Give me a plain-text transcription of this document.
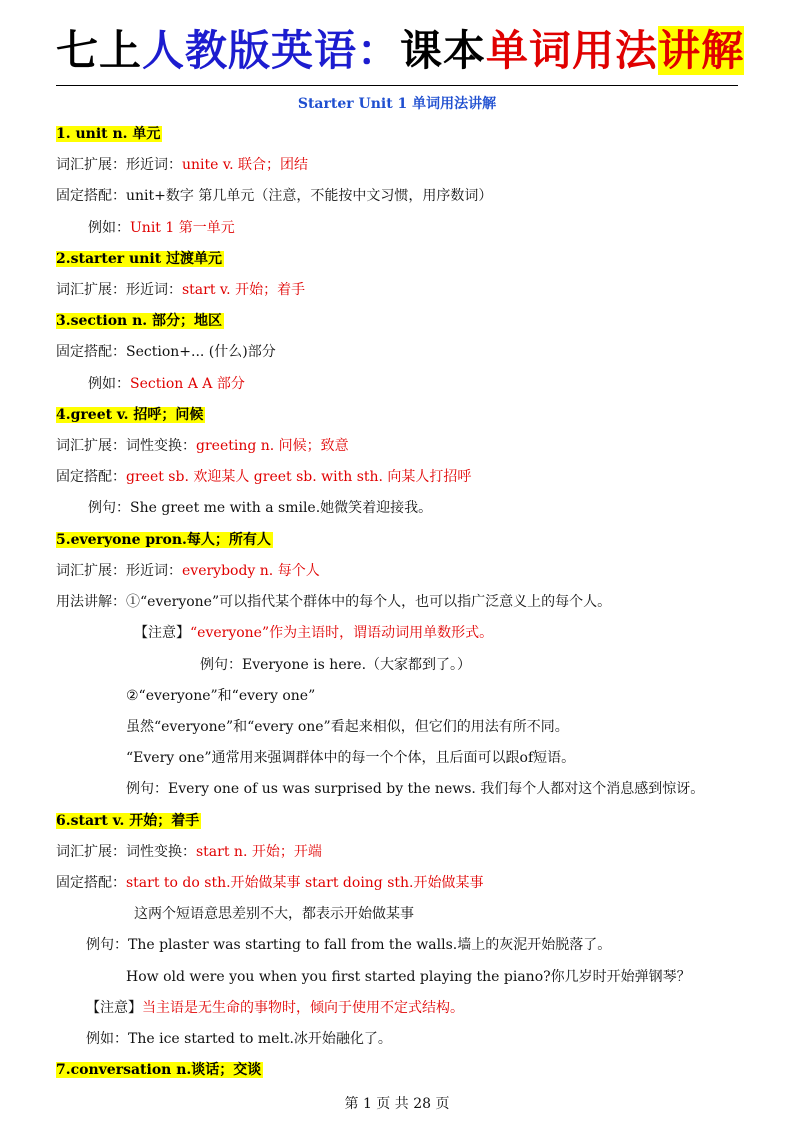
七上人教版英语：课本单词用法讲解
Starter Unit 1 单词用法讲解
1. unit n. 单元
词汇扩展：形近词：unite v. 联合；团结
固定搭配：unit+数字 第几单元（注意，不能按中文习惯，用序数词）
例如：Unit 1 第一单元
2.starter unit 过渡单元
词汇扩展：形近词：start v. 开始；着手
3.section n. 部分；地区
固定搭配：Section+... (什么)部分
例如：Section A A 部分
4.greet v. 招呼；问候
词汇扩展：词性变换：greeting n. 问候；致意
固定搭配：greet sb. 欢迎某人 greet sb. with sth. 向某人打招呼
例句：She greet me with a smile.她微笑着迎接我。
5.everyone pron.每人；所有人
词汇扩展：形近词：everybody n. 每个人
用法讲解：①“everyone”可以指代某个群体中的每个人，也可以指广泛意义上的每个人。
【注意】“everyone”作为主语时，谓语动词用单数形式。
例句：Everyone is here.（大家都到了。）
②“everyone”和“every one”
虽然“everyone”和“every one”看起来相似，但它们的用法有所不同。
“Every one”通常用来强调群体中的每一个个体，且后面可以跟of短语。
例句：Every one of us was surprised by the news. 我们每个人都对这个消息感到惊讶。
6.start v. 开始；着手
词汇扩展：词性变换：start n. 开始；开端
固定搭配：start to do sth.开始做某事 start doing sth.开始做某事
这两个短语意思差别不大，都表示开始做某事
例句：The plaster was starting to fall from the walls.墙上的灰泥开始脱落了。
How old were you when you first started playing the piano?你几岁时开始弹钢琴？
【注意】当主语是无生命的事物时，倾向于使用不定式结构。
例如：The ice started to melt.冰开始融化了。
7.conversation n.谈话；交谈
第 1 页 共 28 页
